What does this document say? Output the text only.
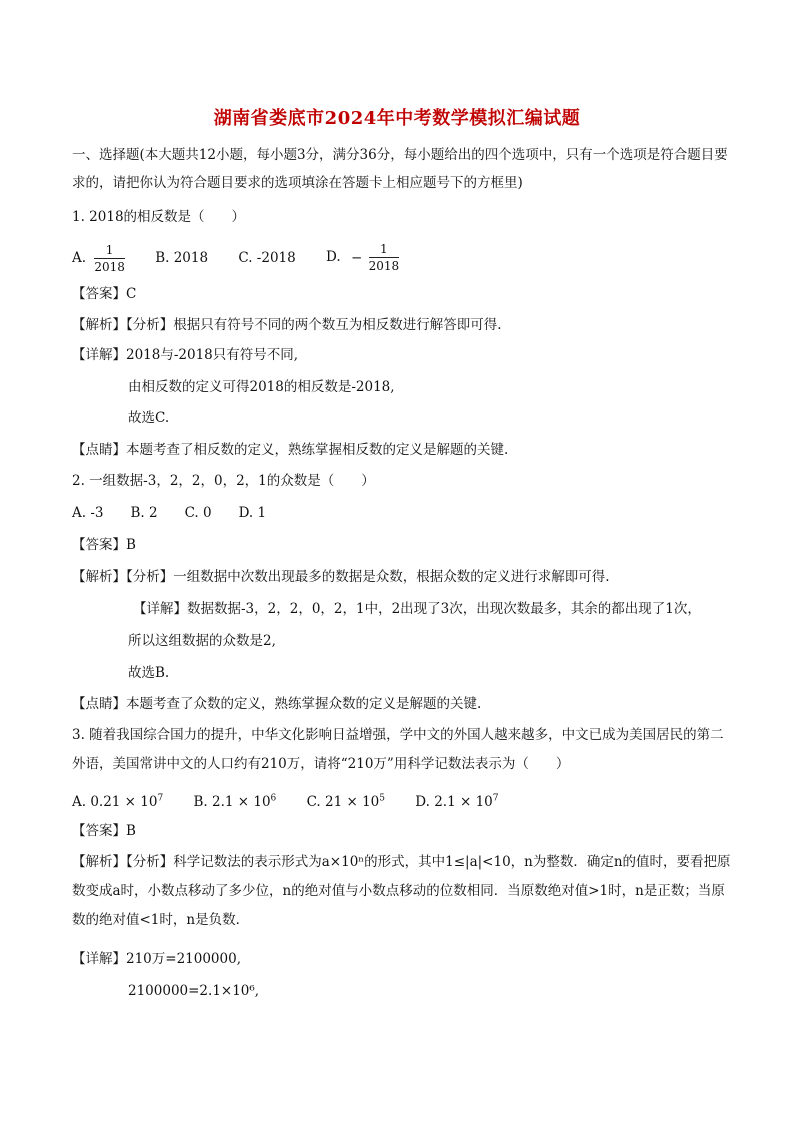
湖南省娄底市2024年中考数学模拟汇编试题
一、选择题(本大题共12小题，每小题3分，满分36分，每小题给出的四个选项中，只有一个选项是符合题目要求的，请把你认为符合题目要求的选项填涂在答题卡上相应题号下的方框里)
1. 2018的相反数是（　　）
A. $\frac{1}{2018} B$. 2018 C. -2018 D. − $\frac{1}{2018}$
【答案】C
【解析】【分析】根据只有符号不同的两个数互为相反数进行解答即可得.
【详解】2018与-2018只有符号不同,
由相反数的定义可得2018的相反数是-2018,
故选C.
【点睛】本题考查了相反数的定义，熟练掌握相反数的定义是解题的关键.
2. 一组数据-3，2，2，0，2，1的众数是（　　）
A. -3　　B. 2　　C. 0　　D. 1
【答案】B
【解析】【分析】一组数据中次数出现最多的数据是众数，根据众数的定义进行求解即可得.
【详解】数据数据-3，2，2，0，2，1中，2出现了3次，出现次数最多，其余的都出现了1次，
所以这组数据的众数是2,
故选B.
【点睛】本题考查了众数的定义，熟练掌握众数的定义是解题的关键.
3. 随着我国综合国力的提升，中华文化影响日益增强，学中文的外国人越来越多，中文已成为美国居民的第二外语，美国常讲中文的人口约有210万，请将“210万”用科学记数法表示为（　　）
A. $0.21 \times 10^7$ B. $2.1 \times 10^6$ C. $21 \times 10^5$ D. $2.1 \times 10^7$
【答案】B
【解析】【分析】科学记数法的表示形式为a×10ⁿ的形式，其中1≤|a|<10，n为整数．确定n的值时，要看把原数变成a时，小数点移动了多少位，n的绝对值与小数点移动的位数相同．当原数绝对值>1时，n是正数；当原数的绝对值<1时，n是负数．
【详解】210万=2100000,
2100000=2.1×10⁶,
